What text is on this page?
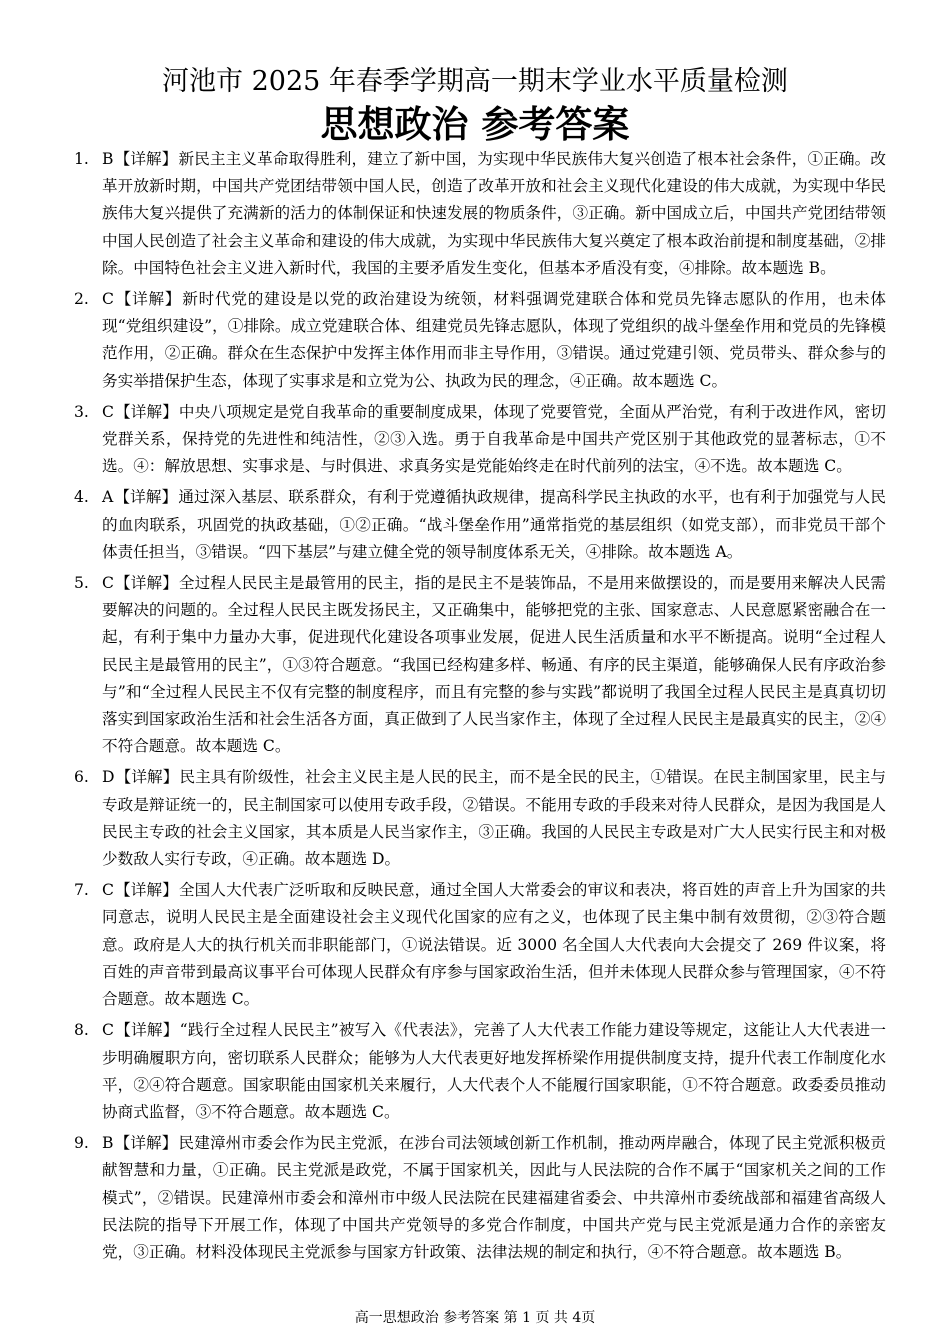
河池市 2025 年春季学期高一期末学业水平质量检测
思想政治 参考答案
1. B【详解】新民主主义革命取得胜利，建立了新中国，为实现中华民族伟大复兴创造了根本社会条件，①正确。改革开放新时期，中国共产党团结带领中国人民，创造了改革开放和社会主义现代化建设的伟大成就，为实现中华民族伟大复兴提供了充满新的活力的体制保证和快速发展的物质条件，③正确。新中国成立后，中国共产党团结带领中国人民创造了社会主义革命和建设的伟大成就，为实现中华民族伟大复兴奠定了根本政治前提和制度基础，②排除。中国特色社会主义进入新时代，我国的主要矛盾发生变化，但基本矛盾没有变，④排除。故本题选 B。
2. C【详解】新时代党的建设是以党的政治建设为统领，材料强调党建联合体和党员先锋志愿队的作用，也未体现“党组织建设”，①排除。成立党建联合体、组建党员先锋志愿队，体现了党组织的战斗堡垒作用和党员的先锋模范作用，②正确。群众在生态保护中发挥主体作用而非主导作用，③错误。通过党建引领、党员带头、群众参与的务实举措保护生态，体现了实事求是和立党为公、执政为民的理念，④正确。故本题选 C。
3. C【详解】中央八项规定是党自我革命的重要制度成果，体现了党要管党，全面从严治党，有利于改进作风，密切党群关系，保持党的先进性和纯洁性，②③入选。勇于自我革命是中国共产党区别于其他政党的显著标志，①不选。④：解放思想、实事求是、与时俱进、求真务实是党能始终走在时代前列的法宝，④不选。故本题选 C。
4. A【详解】通过深入基层、联系群众，有利于党遵循执政规律，提高科学民主执政的水平，也有利于加强党与人民的血肉联系，巩固党的执政基础，①②正确。“战斗堡垒作用”通常指党的基层组织（如党支部），而非党员干部个体责任担当，③错误。“四下基层”与建立健全党的领导制度体系无关，④排除。故本题选 A。
5. C【详解】全过程人民民主是最管用的民主，指的是民主不是装饰品，不是用来做摆设的，而是要用来解决人民需要解决的问题的。全过程人民民主既发扬民主，又正确集中，能够把党的主张、国家意志、人民意愿紧密融合在一起，有利于集中力量办大事，促进现代化建设各项事业发展，促进人民生活质量和水平不断提高。说明“全过程人民民主是最管用的民主”，①③符合题意。“我国已经构建多样、畅通、有序的民主渠道，能够确保人民有序政治参与”和“全过程人民民主不仅有完整的制度程序，而且有完整的参与实践”都说明了我国全过程人民民主是真真切切落实到国家政治生活和社会生活各方面，真正做到了人民当家作主，体现了全过程人民民主是最真实的民主，②④不符合题意。故本题选 C。
6. D【详解】民主具有阶级性，社会主义民主是人民的民主，而不是全民的民主，①错误。在民主制国家里，民主与专政是辩证统一的，民主制国家可以使用专政手段，②错误。不能用专政的手段来对待人民群众，是因为我国是人民民主专政的社会主义国家，其本质是人民当家作主，③正确。我国的人民民主专政是对广大人民实行民主和对极少数敌人实行专政，④正确。故本题选 D。
7. C【详解】全国人大代表广泛听取和反映民意，通过全国人大常委会的审议和表决，将百姓的声音上升为国家的共同意志，说明人民民主是全面建设社会主义现代化国家的应有之义，也体现了民主集中制有效贯彻，②③符合题意。政府是人大的执行机关而非职能部门，①说法错误。近 3000 名全国人大代表向大会提交了 269 件议案，将百姓的声音带到最高议事平台可体现人民群众有序参与国家政治生活，但并未体现人民群众参与管理国家，④不符合题意。故本题选 C。
8. C【详解】“践行全过程人民民主”被写入《代表法》，完善了人大代表工作能力建设等规定，这能让人大代表进一步明确履职方向，密切联系人民群众；能够为人大代表更好地发挥桥梁作用提供制度支持，提升代表工作制度化水平，②④符合题意。国家职能由国家机关来履行，人大代表个人不能履行国家职能，①不符合题意。政委委员推动协商式监督，③不符合题意。故本题选 C。
9. B【详解】民建漳州市委会作为民主党派，在涉台司法领域创新工作机制，推动两岸融合，体现了民主党派积极贡献智慧和力量，①正确。民主党派是政党，不属于国家机关，因此与人民法院的合作不属于“国家机关之间的工作模式”，②错误。民建漳州市委会和漳州市中级人民法院在民建福建省委会、中共漳州市委统战部和福建省高级人民法院的指导下开展工作，体现了中国共产党领导的多党合作制度，中国共产党与民主党派是通力合作的亲密友党，③正确。材料没体现民主党派参与国家方针政策、法律法规的制定和执行，④不符合题意。故本题选 B。
高一思想政治 参考答案 第 1 页 共 4页
